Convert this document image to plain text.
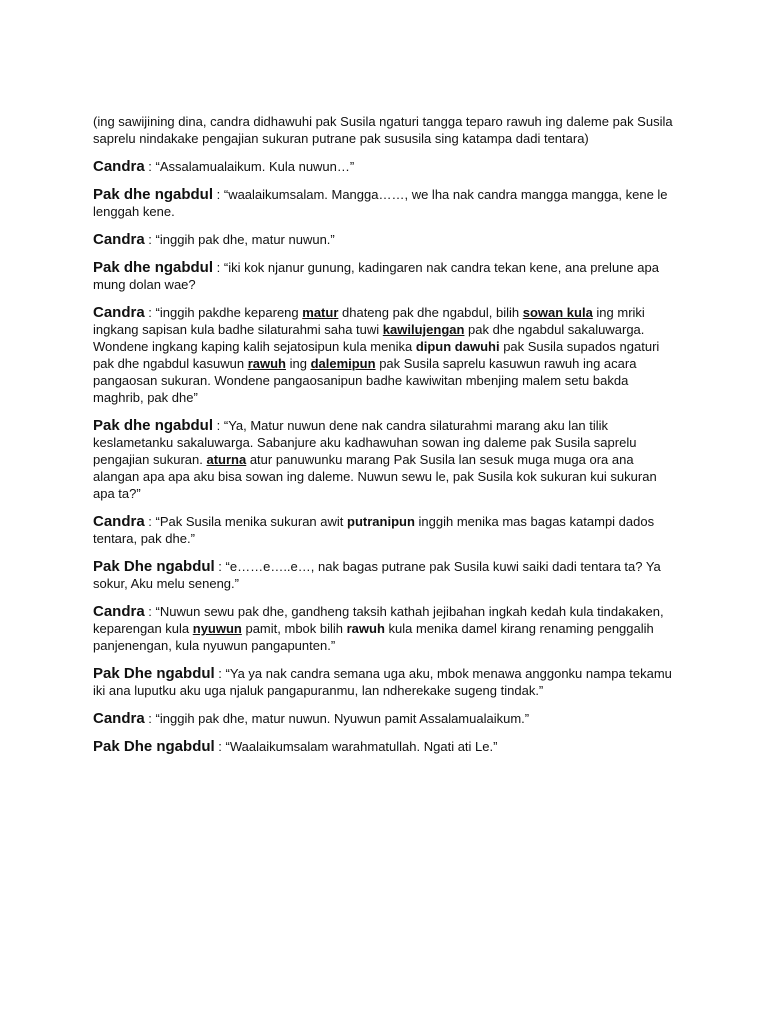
(ing sawijining dina, candra didhawuhi pak Susila ngaturi tangga teparo rawuh ing daleme pak Susila saprelu nindakake pengajian sukuran putrane pak sususila sing katampa dadi tentara)

Candra : “Assalamualaikum. Kula nuwun…”

Pak dhe ngabdul : “waalaikumsalam. Mangga……, we lha nak candra mangga mangga, kene le lenggah kene.

Candra : “inggih pak dhe, matur nuwun.”

Pak dhe ngabdul : “iki kok njanur gunung, kadingaren nak candra tekan kene, ana prelune apa mung dolan wae?

Candra : “inggih pakdhe kepareng matur dhateng pak dhe ngabdul, bilih sowan kula ing mriki ingkang sapisan kula badhe silaturahmi saha tuwi kawilujengan pak dhe ngabdul sakaluwarga. Wondene ingkang kaping kalih sejatosipun kula menika dipun dawuhi pak Susila supados ngaturi pak dhe ngabdul kasuwun rawuh ing dalemipun pak Susila saprelu kasuwun rawuh ing acara pangaosan sukuran. Wondene pangaosanipun badhe kawiwitan mbenjing malem setu bakda maghrib, pak dhe”

Pak dhe ngabdul : “Ya, Matur nuwun dene nak candra silaturahmi marang aku lan tilik keslametanku sakaluwarga. Sabanjure aku kadhawuhan sowan ing daleme pak Susila saprelu pengajian sukuran. aturna atur panuwunku marang Pak Susila lan sesuk muga muga ora ana alangan apa apa aku bisa sowan ing daleme. Nuwun sewu le, pak Susila kok sukuran kui sukuran apa ta?”

Candra : “Pak Susila menika sukuran awit putranipun inggih menika mas bagas katampi dados tentara, pak dhe.”

Pak Dhe ngabdul : “e……e…..e…, nak bagas putrane pak Susila kuwi saiki dadi tentara ta? Ya sokur, Aku melu seneng.”

Candra : “Nuwun sewu pak dhe, gandheng taksih kathah jejibahan ingkah kedah kula tindakaken, keparengan kula nyuwun pamit, mbok bilih rawuh kula menika damel kirang renaming penggalih panjenengan, kula nyuwun pangapunten.”

Pak Dhe ngabdul : “Ya ya nak candra semana uga aku, mbok menawa anggonku nampa tekamu iki ana luputku aku uga njaluk pangapuranmu, lan ndherekake sugeng tindak.”

Candra : “inggih pak dhe, matur nuwun. Nyuwun pamit Assalamualaikum.”

Pak Dhe ngabdul : “Waalaikumsalam warahmatullah. Ngati ati Le.”
